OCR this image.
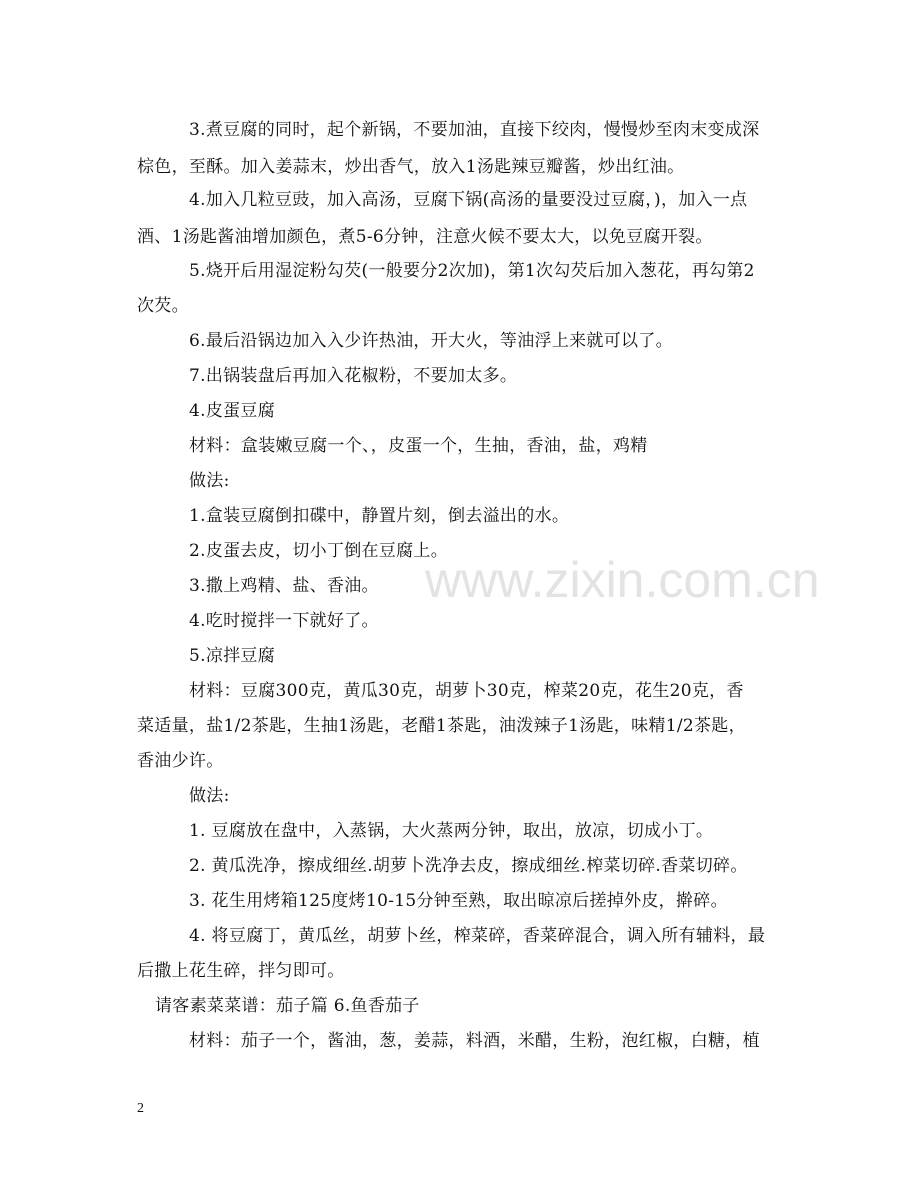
www.zixin.com.cn
3.煮豆腐的同时，起个新锅，不要加油，直接下绞肉，慢慢炒至肉末变成深
棕色，至酥。加入姜蒜末，炒出香气，放入1汤匙辣豆瓣酱，炒出红油。
4.加入几粒豆豉，加入高汤，豆腐下锅(高汤的量要没过豆腐，)，加入一点
酒、1汤匙酱油增加颜色，煮5-6分钟，注意火候不要太大，以免豆腐开裂。
5.烧开后用湿淀粉勾芡(一般要分2次加)，第1次勾芡后加入葱花，再勾第2
次芡。
6.最后沿锅边加入入少许热油，开大火，等油浮上来就可以了。
7.出锅装盘后再加入花椒粉，不要加太多。
4.皮蛋豆腐
材料：盒装嫩豆腐一个、，皮蛋一个，生抽，香油，盐，鸡精
做法:
1.盒装豆腐倒扣碟中，静置片刻，倒去溢出的水。
2.皮蛋去皮，切小丁倒在豆腐上。
3.撒上鸡精、盐、香油。
4.吃时搅拌一下就好了。
5.凉拌豆腐
材料：豆腐300克，黄瓜30克，胡萝卜30克，榨菜20克，花生20克，香
菜适量，盐1/2茶匙，生抽1汤匙，老醋1茶匙，油泼辣子1汤匙，味精1/2茶匙，
香油少许。
做法:
1. 豆腐放在盘中，入蒸锅，大火蒸两分钟，取出，放凉，切成小丁。
2. 黄瓜洗净，擦成细丝.胡萝卜洗净去皮，擦成细丝.榨菜切碎.香菜切碎。
3. 花生用烤箱125度烤10-15分钟至熟，取出晾凉后搓掉外皮，擀碎。
4. 将豆腐丁，黄瓜丝，胡萝卜丝，榨菜碎，香菜碎混合，调入所有辅料，最
后撒上花生碎，拌匀即可。
请客素菜菜谱：茄子篇 6.鱼香茄子
材料：茄子一个，酱油，葱，姜蒜，料酒，米醋，生粉，泡红椒，白糖，植
2
